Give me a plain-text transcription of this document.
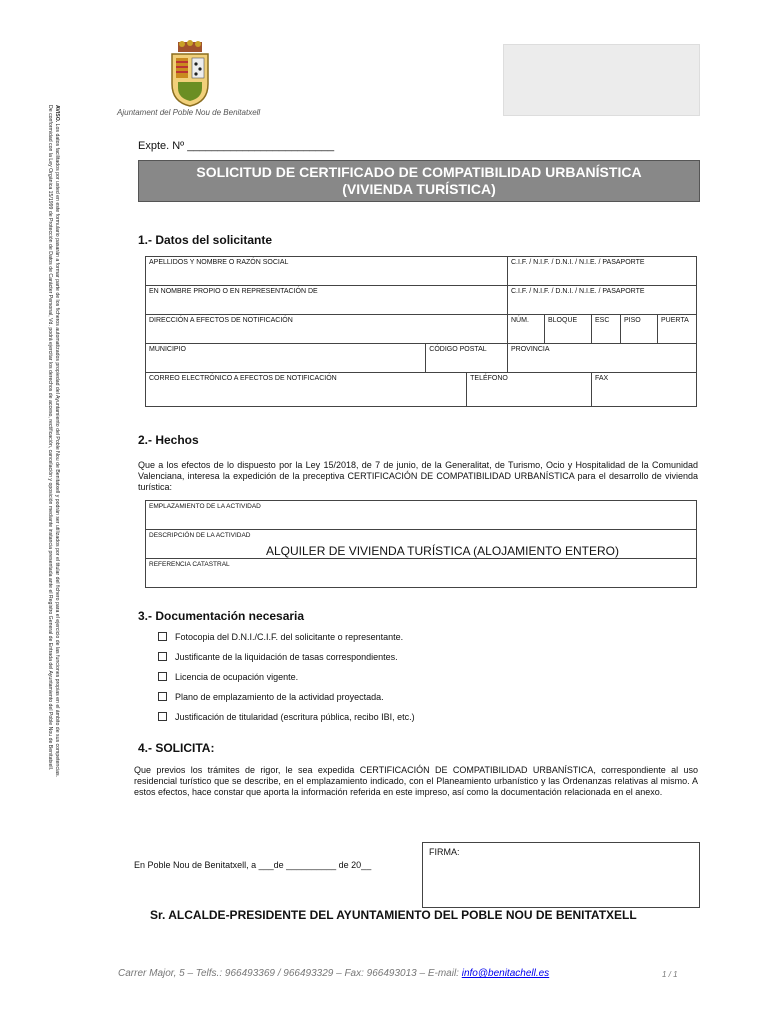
AVISO. Los datos facilitados por usted en este formulario pasarán a formar parte de los ficheros automatizados propiedad del Ayuntamiento del Poble Nou de Benitatxell y podrán ser utilizados por el titular del fichero para el ejercicio de las funciones propias en el ámbito de sus competencias.
De conformidad con la Ley Orgánica 15/1999 de Protección de Datos de Carácter Personal, Vd. podrá ejercitar los derechos de acceso, rectificación, cancelación y oposición mediante instancia presentada ante el Registro General de Entrada del Ayuntamiento del Poble Nou de Benitatxell.	Ajuntament del Poble Nou de Benitatxell
Expte. Nº ________________________
SOLICITUD DE CERTIFICADO DE COMPATIBILIDAD URBANÍSTICA
(VIVIENDA TURÍSTICA)
1.- Datos del solicitante
APELLIDOS Y NOMBRE O RAZÓN SOCIAL			C.I.F. / N.I.F. / D.N.I. / N.I.E. / PASAPORTE				
EN NOMBRE PROPIO O EN REPRESENTACIÓN DE			C.I.F. / N.I.F. / D.N.I. / N.I.E. / PASAPORTE				
DIRECCIÓN A EFECTOS DE NOTIFICACIÓN			NÚM.	BLOQUE	ESC	PISO	PUERTA
MUNICIPIO	CÓDIGO POSTAL		PROVINCIA				
CORREO ELECTRÓNICO A EFECTOS DE NOTIFICACIÓN		TELÉFONO			FAX		
2.- Hechos
Que a los efectos de lo dispuesto por la Ley 15/2018, de 7 de junio, de la Generalitat, de Turismo, Ocio y Hospitalidad de la Comunidad Valenciana, interesa la expedición de la preceptiva CERTIFICACIÓN DE COMPATIBILIDAD URBANÍSTICA para el desarrollo de vivienda turística:
EMPLAZAMIENTO DE LA ACTIVIDAD
DESCRIPCIÓN DE LA ACTIVIDAD
ALQUILER DE VIVIENDA TURÍSTICA (ALOJAMIENTO ENTERO)

REFERENCIA CATASTRAL
3.- Documentación necesaria
Fotocopia del D.N.I./C.I.F. del solicitante o representante.
Justificante de la liquidación de tasas correspondientes.
Licencia de ocupación vigente.
Plano de emplazamiento de la actividad proyectada.
Justificación de titularidad (escritura pública, recibo IBI, etc.)
4.- SOLICITA:
Que previos los trámites de rigor, le sea expedida CERTIFICACIÓN DE COMPATIBILIDAD URBANÍSTICA, correspondiente al uso residencial turístico que se describe, en el emplazamiento indicado, con el Planeamiento urbanístico y las Ordenanzas relativas al mismo. A estos efectos, hace constar que aporta la información referida en este impreso, así como la documentación relacionada en el anexo.
En Poble Nou de Benitatxell, a ___de __________ de 20__
FIRMA:
Sr. ALCALDE-PRESIDENTE DEL AYUNTAMIENTO DEL POBLE NOU DE BENITATXELL
Carrer Major, 5 – Telfs.: 966493369 / 966493329 – Fax: 966493013 – E-mail: info@benitachell.es	1 / 1
